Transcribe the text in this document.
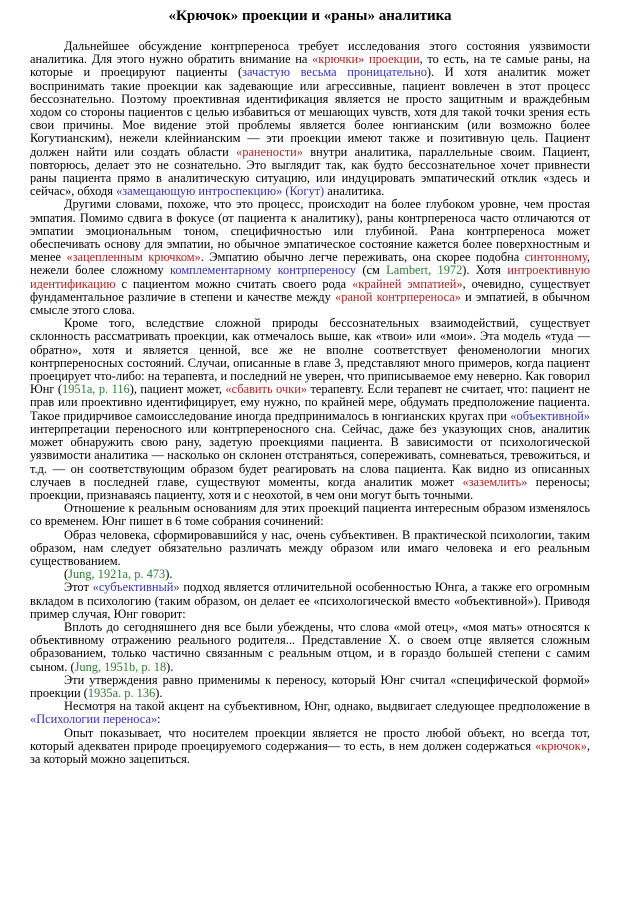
«Крючок» проекции и «раны» аналитика

Дальнейшее обсуждение контрпереноса требует исследования этого состояния уязвимости аналитика. Для этого нужно обратить внимание на «крючки» проекции, то есть, на те самые раны, на которые и проецируют пациенты (зачастую весьма проницательно). И хотя аналитик может воспринимать такие проекции как задевающие или агрессивные, пациент вовлечен в этот процесс бессознательно. Поэтому проективная идентификация является не просто защитным и враждебным ходом со стороны пациентов с целью избавиться от мешающих чувств, хотя для такой точки зрения есть свои причины. Мое видение этой проблемы является более юнгианским (или возможно более Когутианским), нежели клейнианским — эти проекции имеют также и позитивную цель. Пациент должен найти или создать области «ранености» внутри аналитика, параллельные своим. Пациент, повторюсь, делает это не сознательно. Это выглядит так, как будто бессознательное хочет привнести раны пациента прямо в аналитическую ситуацию, или индуцировать эмпатический отклик «здесь и сейчас», обходя «замещающую интроспекцию» (Когут) аналитика.

Другими словами, похоже, что это процесс, происходит на более глубоком уровне, чем простая эмпатия. Помимо сдвига в фокусе (от пациента к аналитику), раны контрпереноса часто отличаются от эмпатии эмоциональным тоном, специфичностью или глубиной. Рана контрпереноса может обеспечивать основу для эмпатии, но обычное эмпатическое состояние кажется более поверхностным и менее «зацепленным крючком». Эмпатию обычно легче переживать, она скорее подобна синтонному, нежели более сложному комплементарному контрпереносу (см Lambert, 1972). Хотя интроективную идентификацию с пациентом можно считать своего рода «крайней эмпатией», очевидно, существует фундаментальное различие в степени и качестве между «раной контрпереноса» и эмпатией, в обычном смысле этого слова.

Кроме того, вследствие сложной природы бессознательных взаимодействий, существует склонность рассматривать проекции, как отмечалось выше, как «твои» или «мои». Эта модель «туда — обратно», хотя и является ценной, все же не вполне соответствует феноменологии многих контрпереносных состояний. Случаи, описанные в главе 3, представляют много примеров, когда пациент проецирует что-либо: на терапевта, и последний не уверен, что приписываемое ему неверно. Как говорил Юнг (1951a, р. 116), пациент может, «сбавить очки» терапевту. Если терапевт не считает, что: пациент не прав или проективно идентифицирует, ему нужно, по крайней мере, обдумать предположение пациента. Такое придирчивое самоисследование иногда предпринималось в юнгианских кругах при «объективной» интерпретации переносного или контрпереносного сна. Сейчас, даже без указующих снов, аналитик может обнаружить свою рану, задетую проекциями пациента. В зависимости от психологической уязвимости аналитика — насколько он склонен отстраняться, сопереживать, сомневаться, тревожиться, и т.д. — он соответствующим образом будет реагировать на слова пациента. Как видно из описанных случаев в последней главе, существуют моменты, когда аналитик может «заземлить» переносы; проекции, признаваясь пациенту, хотя и с неохотой, в чем они могут быть точными.

Отношение к реальным основаниям для этих проекций пациента интересным образом изменялось со временем. Юнг пишет в 6 томе собрания сочинений:

Образ человека, сформировавшийся у нас, очень субъективен. В практической психологии, таким образом, нам следует обязательно различать между образом или имаго человека и его реальным существованием.

(Jung, 1921a, p. 473).

Этот «субъективный» подход является отличительной особенностью Юнга, а также его огромным вкладом в психологию (таким образом, он делает ее «психологической вместо «объективной»). Приводя пример случая, Юнг говорит:

Вплоть до сегодняшнего дня все были убеждены, что слова «мой отец», «моя мать» относятся к объективному отражению реального родителя... Представление Х. о своем отце является сложным образованием, только частично связанным с реальным отцом, и в гораздо большей степени с самим сыном. (Jung, 1951b, p. 18).

Эти утверждения равно применимы к переносу, который Юнг считал «специфической формой» проекции (1935a. р. 136).

Несмотря на такой акцент на субъективном, Юнг, однако, выдвигает следующее предположение в «Психологии переноса»:

Опыт показывает, что носителем проекции является не просто любой объект, но всегда тот, который адекватен природе проецируемого содержания— то есть, в нем должен содержаться «крючок», за который можно зацепиться.
